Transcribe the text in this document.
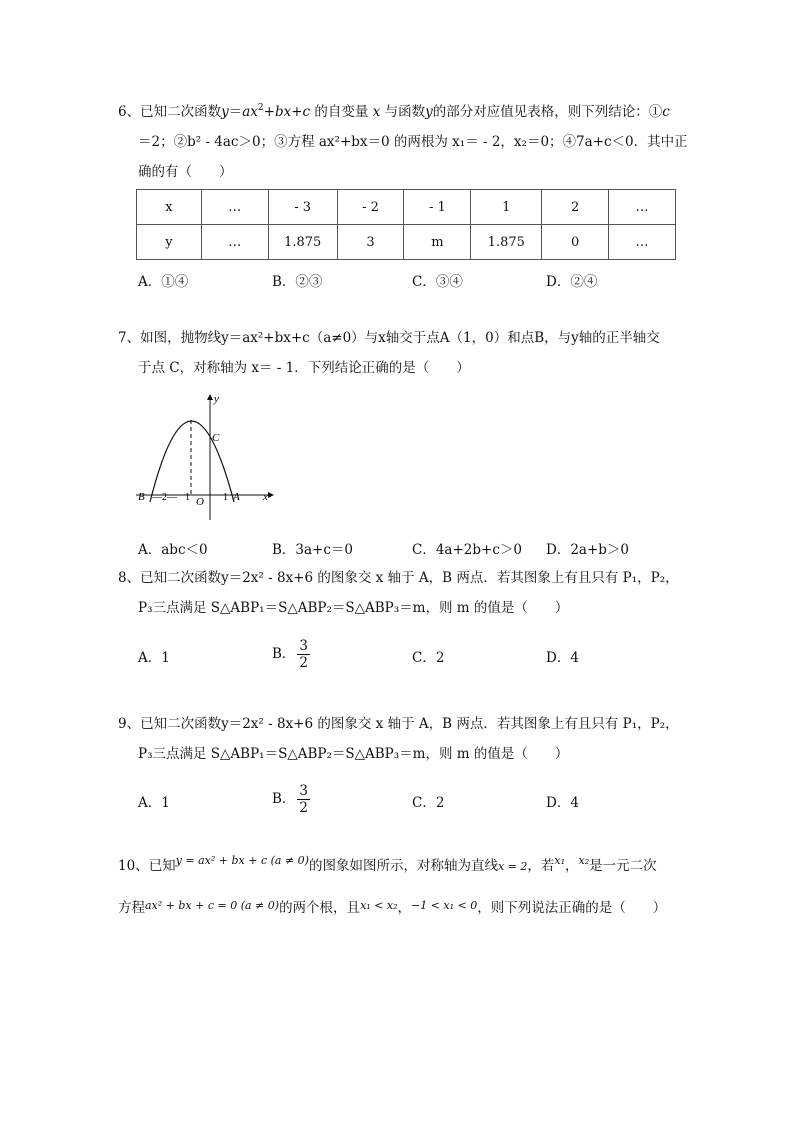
6、已知二次函数$y=ax^2+bx+c$ 的自变量 x 与函数y的部分对应值见表格，则下列结论：①c
＝2；②b² - 4ac＞0；③方程 ax²+bx＝0 的两根为 x₁＝ - 2，x₂＝0；④7a+c＜0．其中正
确的有（　　）
x	…	- 3	- 2	- 1	1	2	…
y	…	1.875	3	m	1.875	0	…
A．①④	B．②③	C．③④	D．②④
7、如图，抛物线y＝ax²+bx+c（a≠0）与x轴交于点A（1，0）和点B，与y轴的正半轴交
于点 C，对称轴为 x＝ - 1．下列结论正确的是（　　）
y
x
C
B —2— 1 O 1 A
A．abc＜0	B．3a+c＝0	C．4a+2b+c＞0 D．2a+b＞0
8、已知二次函数y＝2x² - 8x+6 的图象交 x 轴于 A，B 两点．若其图象上有且只有 P₁，P₂，
P₃三点满足 S△ABP₁＝S△ABP₂＝S△ABP₃＝m，则 m 的值是（　　）
A．1	B． $\frac{3}{2}$	C．2	D．4
9、已知二次函数y＝2x² - 8x+6 的图象交 x 轴于 A，B 两点．若其图象上有且只有 P₁，P₂，
P₃三点满足 S△ABP₁＝S△ABP₂＝S△ABP₃＝m，则 m 的值是（　　）
A．1	B． $\frac{3}{2}$	C．2	D．4
10、已知$^{y = ax^2 + bx + c (a \ne 0)}$的图象如图所示，对称轴为直线x = 2，若$^{x_1}$，$^{x_2}$是一元二次
方程$^{ax^2 + bx + c = 0 (a \ne 0)}$的两个根，且$^{x_1 < x_2}$，$^{-1 < x_1 < 0}$，则下列说法正确的是（　　）
